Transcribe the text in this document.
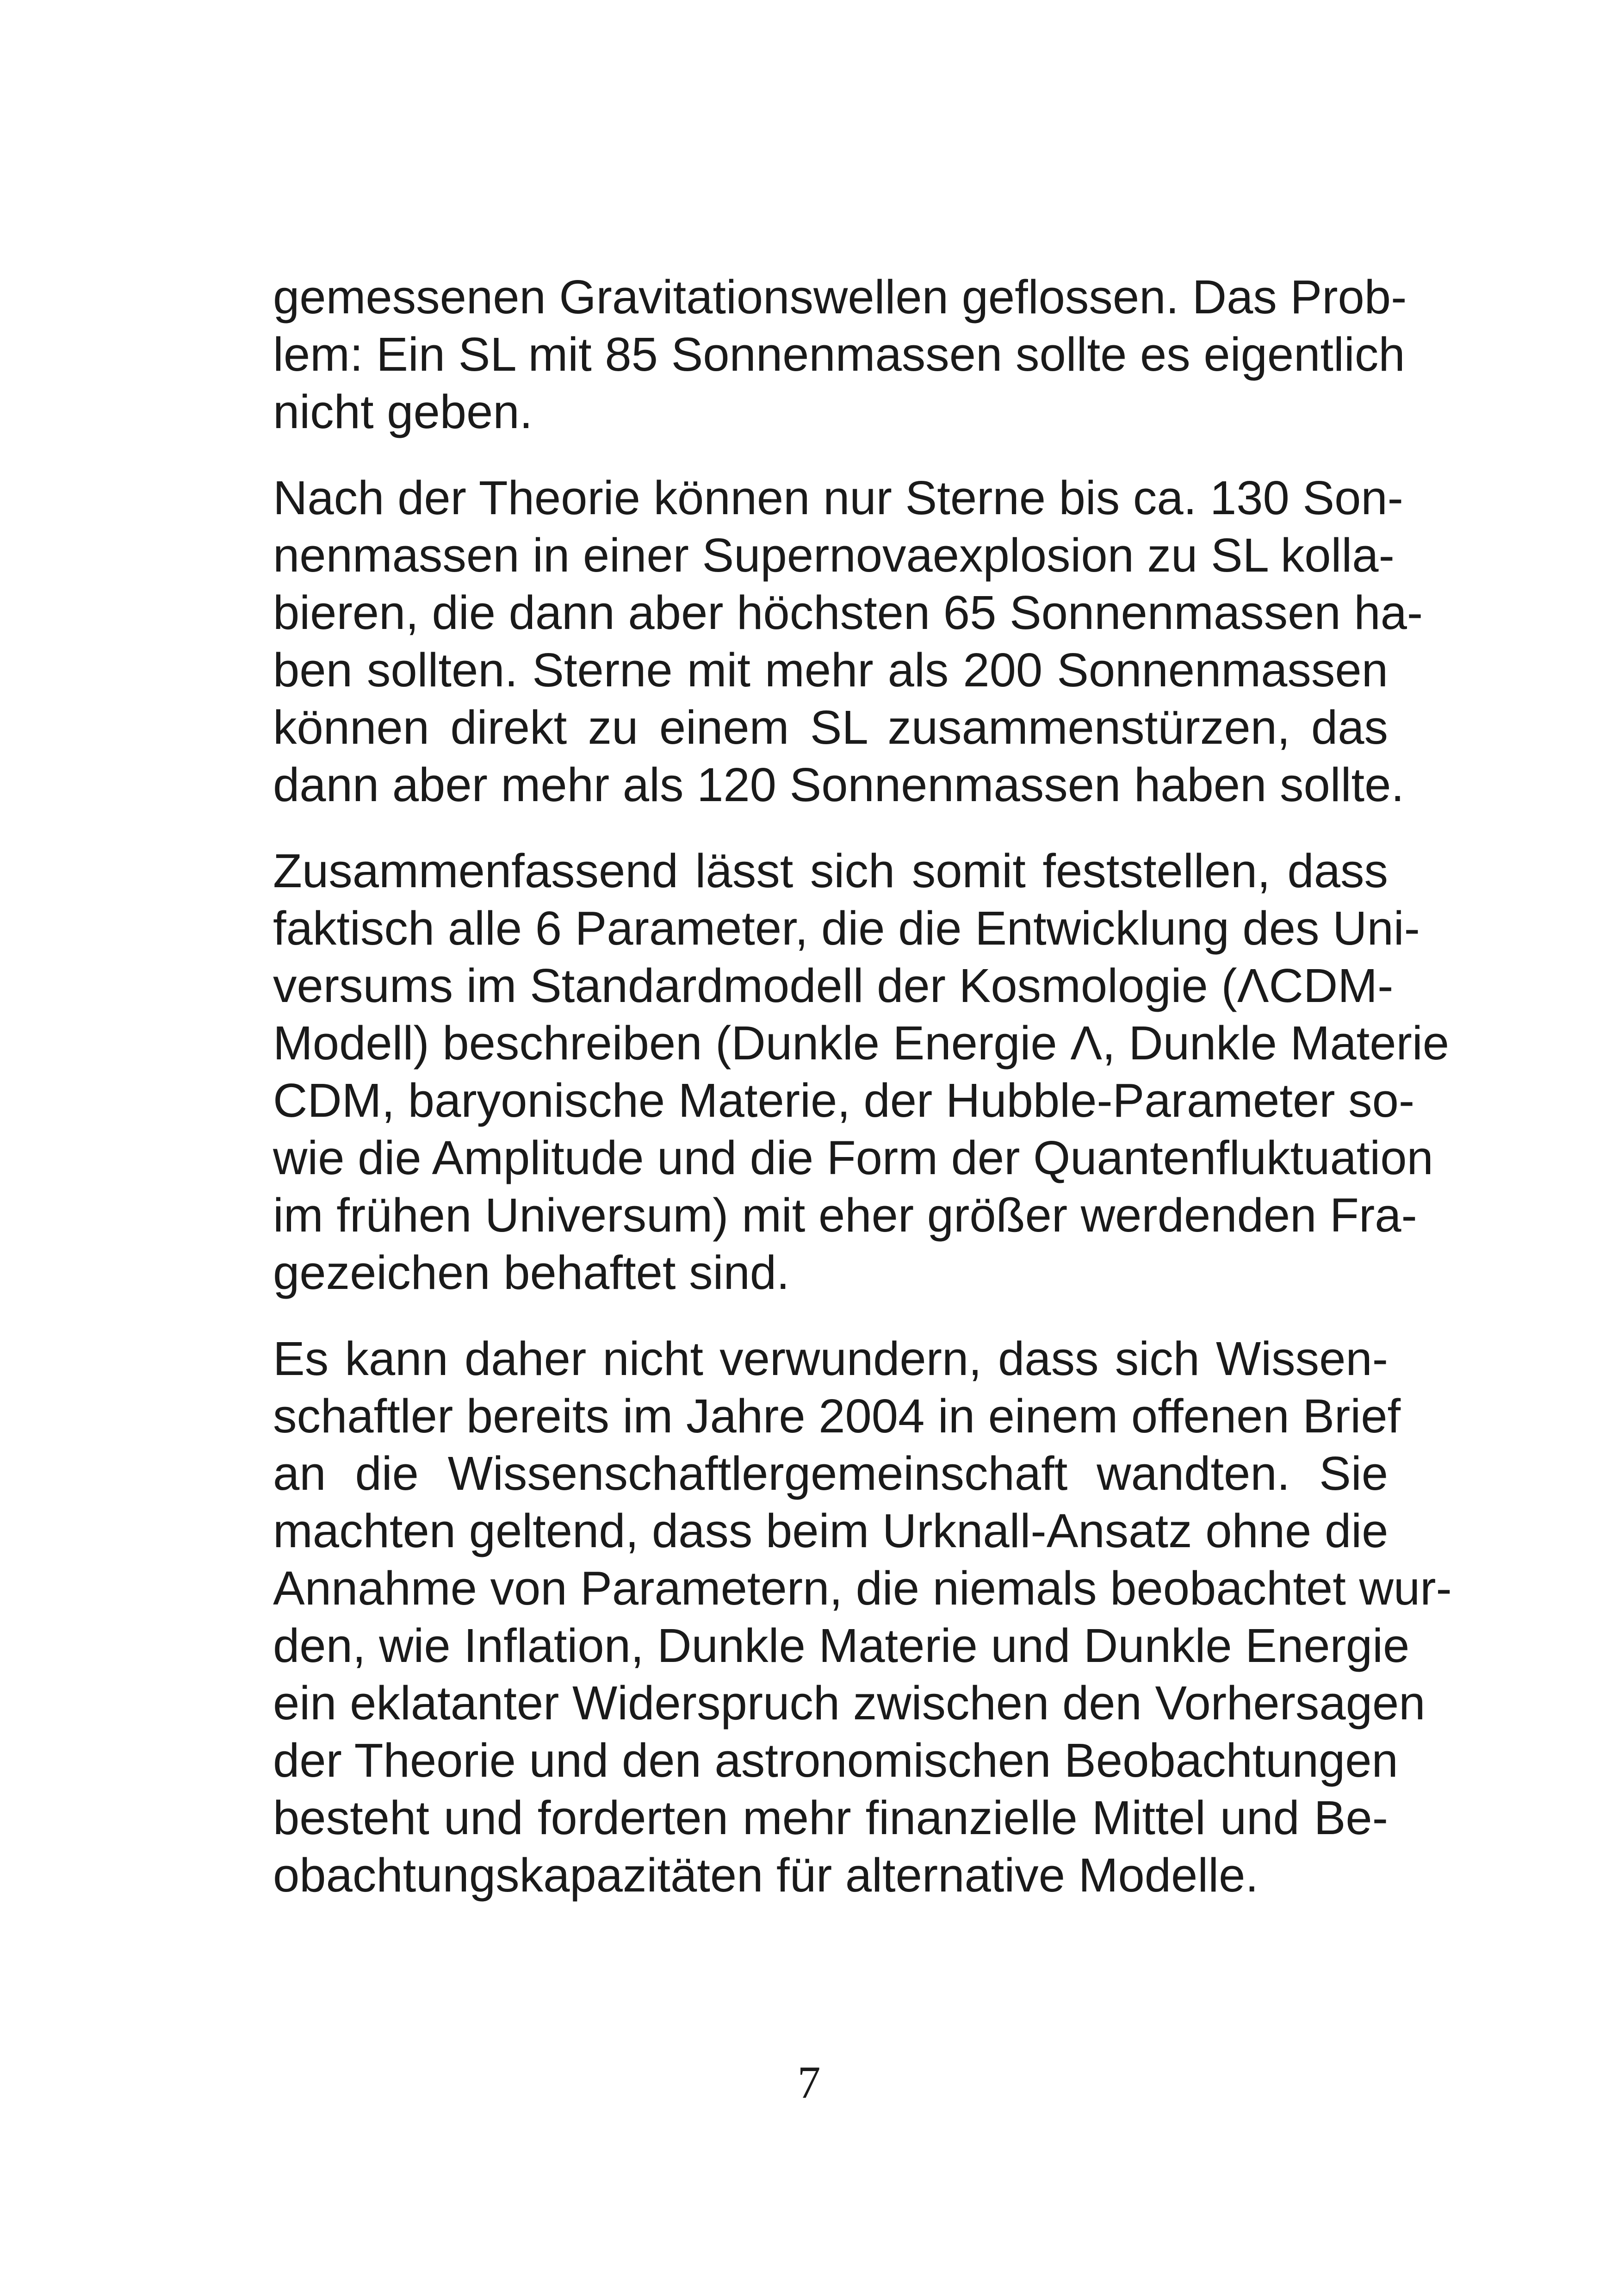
gemessenen Gravitationswellen geflossen. Das Prob-
lem: Ein SL mit 85 Sonnenmassen sollte es eigentlich
nicht geben.
Nach der Theorie können nur Sterne bis ca. 130 Son-
nenmassen in einer Supernovaexplosion zu SL kolla-
bieren, die dann aber höchsten 65 Sonnenmassen ha-
ben sollten. Sterne mit mehr als 200 Sonnenmassen
können direkt zu einem SL zusammenstürzen, das
dann aber mehr als 120 Sonnenmassen haben sollte.
Zusammenfassend lässt sich somit feststellen, dass
faktisch alle 6 Parameter, die die Entwicklung des Uni-
versums im Standardmodell der Kosmologie (ΛCDM-
Modell) beschreiben (Dunkle Energie Λ, Dunkle Materie
CDM, baryonische Materie, der Hubble-Parameter so-
wie die Amplitude und die Form der Quantenfluktuation
im frühen Universum) mit eher größer werdenden Fra-
gezeichen behaftet sind.
Es kann daher nicht verwundern, dass sich Wissen-
schaftler bereits im Jahre 2004 in einem offenen Brief
an die Wissenschaftlergemeinschaft wandten. Sie
machten geltend, dass beim Urknall-Ansatz ohne die
Annahme von Parametern, die niemals beobachtet wur-
den, wie Inflation, Dunkle Materie und Dunkle Energie
ein eklatanter Widerspruch zwischen den Vorhersagen
der Theorie und den astronomischen Beobachtungen
besteht und forderten mehr finanzielle Mittel und Be-
obachtungskapazitäten für alternative Modelle.
7
